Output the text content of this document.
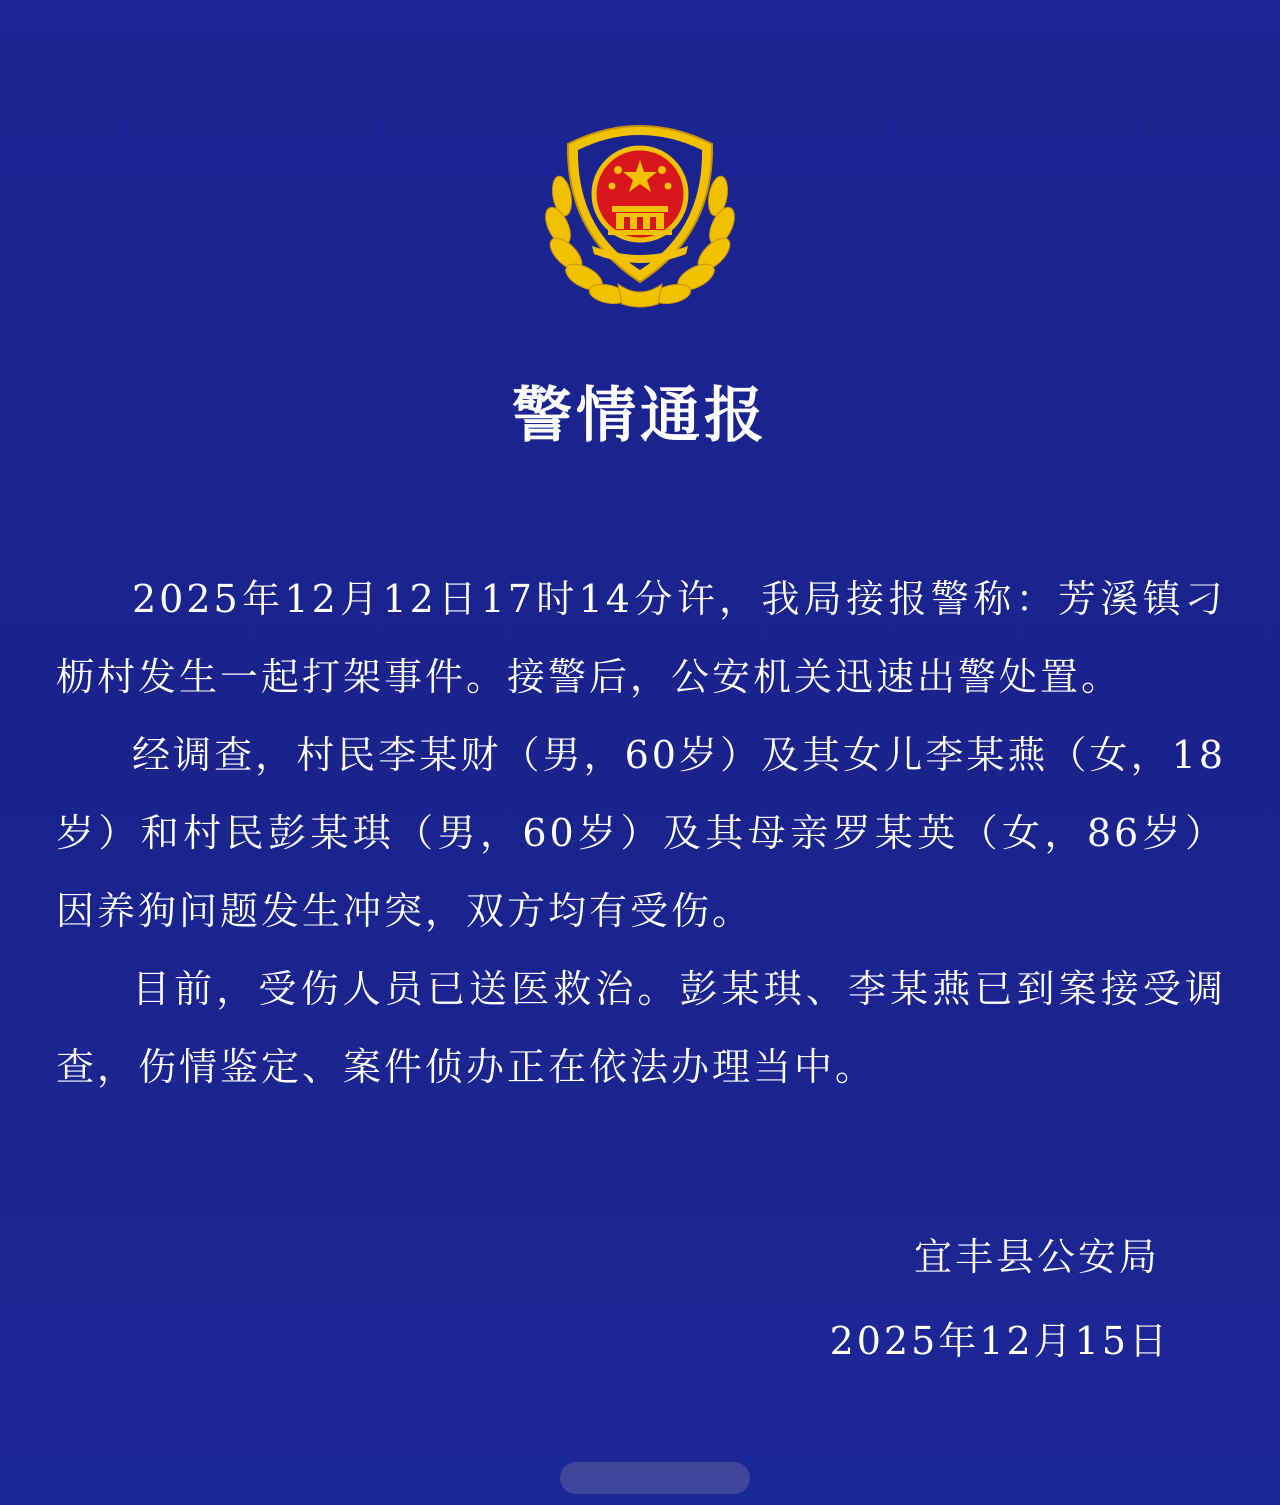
警情通报

2025年12月12日17时14分许，我局接报警称：芳溪镇刁枥村发生一起打架事件。接警后，公安机关迅速出警处置。

经调查，村民李某财（男，60岁）及其女儿李某燕（女，18岁）和村民彭某琪（男，60岁）及其母亲罗某英（女，86岁）因养狗问题发生冲突，双方均有受伤。

目前，受伤人员已送医救治。彭某琪、李某燕已到案接受调查，伤情鉴定、案件侦办正在依法办理当中。

宜丰县公安局
2025年12月15日
